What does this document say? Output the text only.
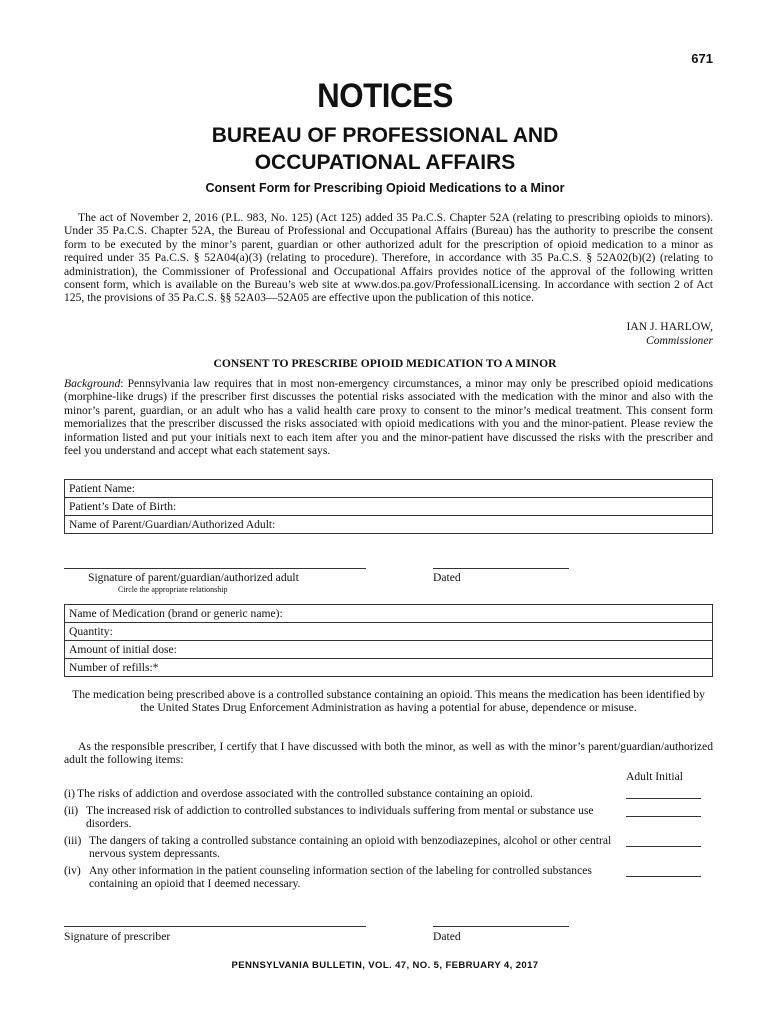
671
NOTICES
BUREAU OF PROFESSIONAL AND
OCCUPATIONAL AFFAIRS
Consent Form for Prescribing Opioid Medications to a Minor

The act of November 2, 2016 (P.L. 983, No. 125) (Act 125) added 35 Pa.C.S. Chapter 52A (relating to prescribing opioids to minors). Under 35 Pa.C.S. Chapter 52A, the Bureau of Professional and Occupational Affairs (Bureau) has the authority to prescribe the consent form to be executed by the minor’s parent, guardian or other authorized adult for the prescription of opioid medication to a minor as required under 35 Pa.C.S. § 52A04(a)(3) (relating to procedure). Therefore, in accordance with 35 Pa.C.S. § 52A02(b)(2) (relating to administration), the Commissioner of Professional and Occupational Affairs provides notice of the approval of the following written consent form, which is available on the Bureau’s web site at www.dos.pa.gov/ProfessionalLicensing. In accordance with section 2 of Act 125, the provisions of 35 Pa.C.S. §§ 52A03—52A05 are effective upon the publication of this notice.

IAN J. HARLOW,
Commissioner
CONSENT TO PRESCRIBE OPIOID MEDICATION TO A MINOR

Background: Pennsylvania law requires that in most non-emergency circumstances, a minor may only be prescribed opioid medications (morphine-like drugs) if the prescriber first discusses the potential risks associated with the medication with the minor and also with the minor’s parent, guardian, or an adult who has a valid health care proxy to consent to the minor’s medical treatment. This consent form memorializes that the prescriber discussed the risks associated with opioid medications with you and the minor-patient. Please review the information listed and put your initials next to each item after you and the minor-patient have discussed the risks with the prescriber and feel you understand and accept what each statement says.

Patient Name:
Patient’s Date of Birth:
Name of Parent/Guardian/Authorized Adult:
Signature of parent/guardian/authorized adult	Dated
Circle the appropriate relationship
Name of Medication (brand or generic name):
Quantity:
Amount of initial dose:
Number of refills:*
The medication being prescribed above is a controlled substance containing an opioid. This means the medication has been identified by the United States Drug Enforcement Administration as having a potential for abuse, dependence or misuse.

As the responsible prescriber, I certify that I have discussed with both the minor, as well as with the minor’s parent/guardian/authorized adult the following items:

Adult Initial
(i) The risks of addiction and overdose associated with the controlled substance containing an opioid.
(ii) The increased risk of addiction to controlled substances to individuals suffering from mental or substance use disorders.
(iii) The dangers of taking a controlled substance containing an opioid with benzodiazepines, alcohol or other central nervous system depressants.
(iv) Any other information in the patient counseling information section of the labeling for controlled substances containing an opioid that I deemed necessary.
Signature of prescriber	Dated
PENNSYLVANIA BULLETIN, VOL. 47, NO. 5, FEBRUARY 4, 2017
